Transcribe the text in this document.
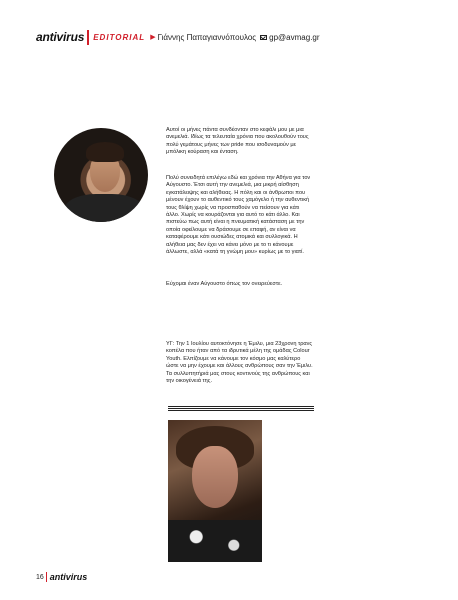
antivirus EDITORIAL ▶ Γιάννης Παπαγιαννόπουλος gp@avmag.gr
Αυτοί οι μήνες πάντα συνδέονταν στο κεφάλι μου με μια ανεμελιά. Ιδίως τα τελευταία χρόνια που ακολουθούν τους πολύ γεμάτους μήνες των pride που ισοδυναμούν με μπόλικη κούραση και ένταση.
Πολύ συνειδητά επιλέγω εδώ και χρόνια την Αθήνα για τον Αύγουστο. Έτσι αυτή την ανεμελιά, μια μικρή αίσθηση εγκατάλειψης και αλήθειας. Η πόλη και οι άνθρωποι που μένουν έχουν το αυθεντικό τους χαμόγελο ή την αυθεντική τους θλίψη χωρίς να προσπαθούν να πείσουν για κάτι άλλο. Χωρίς να κουράζονται για αυτό το κάτι άλλο. Και πιστεύω πως αυτή είναι η πνευματική κατάσταση με την οποία οφείλουμε να δράσουμε σε επαφή, αν είναι να καταφέρουμε κάτι ουσιώδες ατομικά και συλλογικά. Η αλήθεια μας δεν έχει να κάνει μόνο με το τι κάνουμε άλλωστε, αλλά «κατά τη γνώμη μου» κυρίως με το γιατί.
Εύχομαι έναν Αύγουστο όπως τον ονειρεύεστε.
ΥΓ: Την 1 Ιουλίου αυτοκτόνησε η Έμιλυ, μια 23χρονη τρανς κοπέλα που ήταν από τα ιδρυτικά μέλη της ομάδας Colour Youth. Ελπίζουμε να κάνουμε τον κόσμο μας καλύτερο ώστε να μην έχουμε και άλλους ανθρώπους σαν την Έμιλυ. Τα συλλυπητήριά μας στους κοντινούς της ανθρώπους και την οικογένειά της.
16 antivirus
